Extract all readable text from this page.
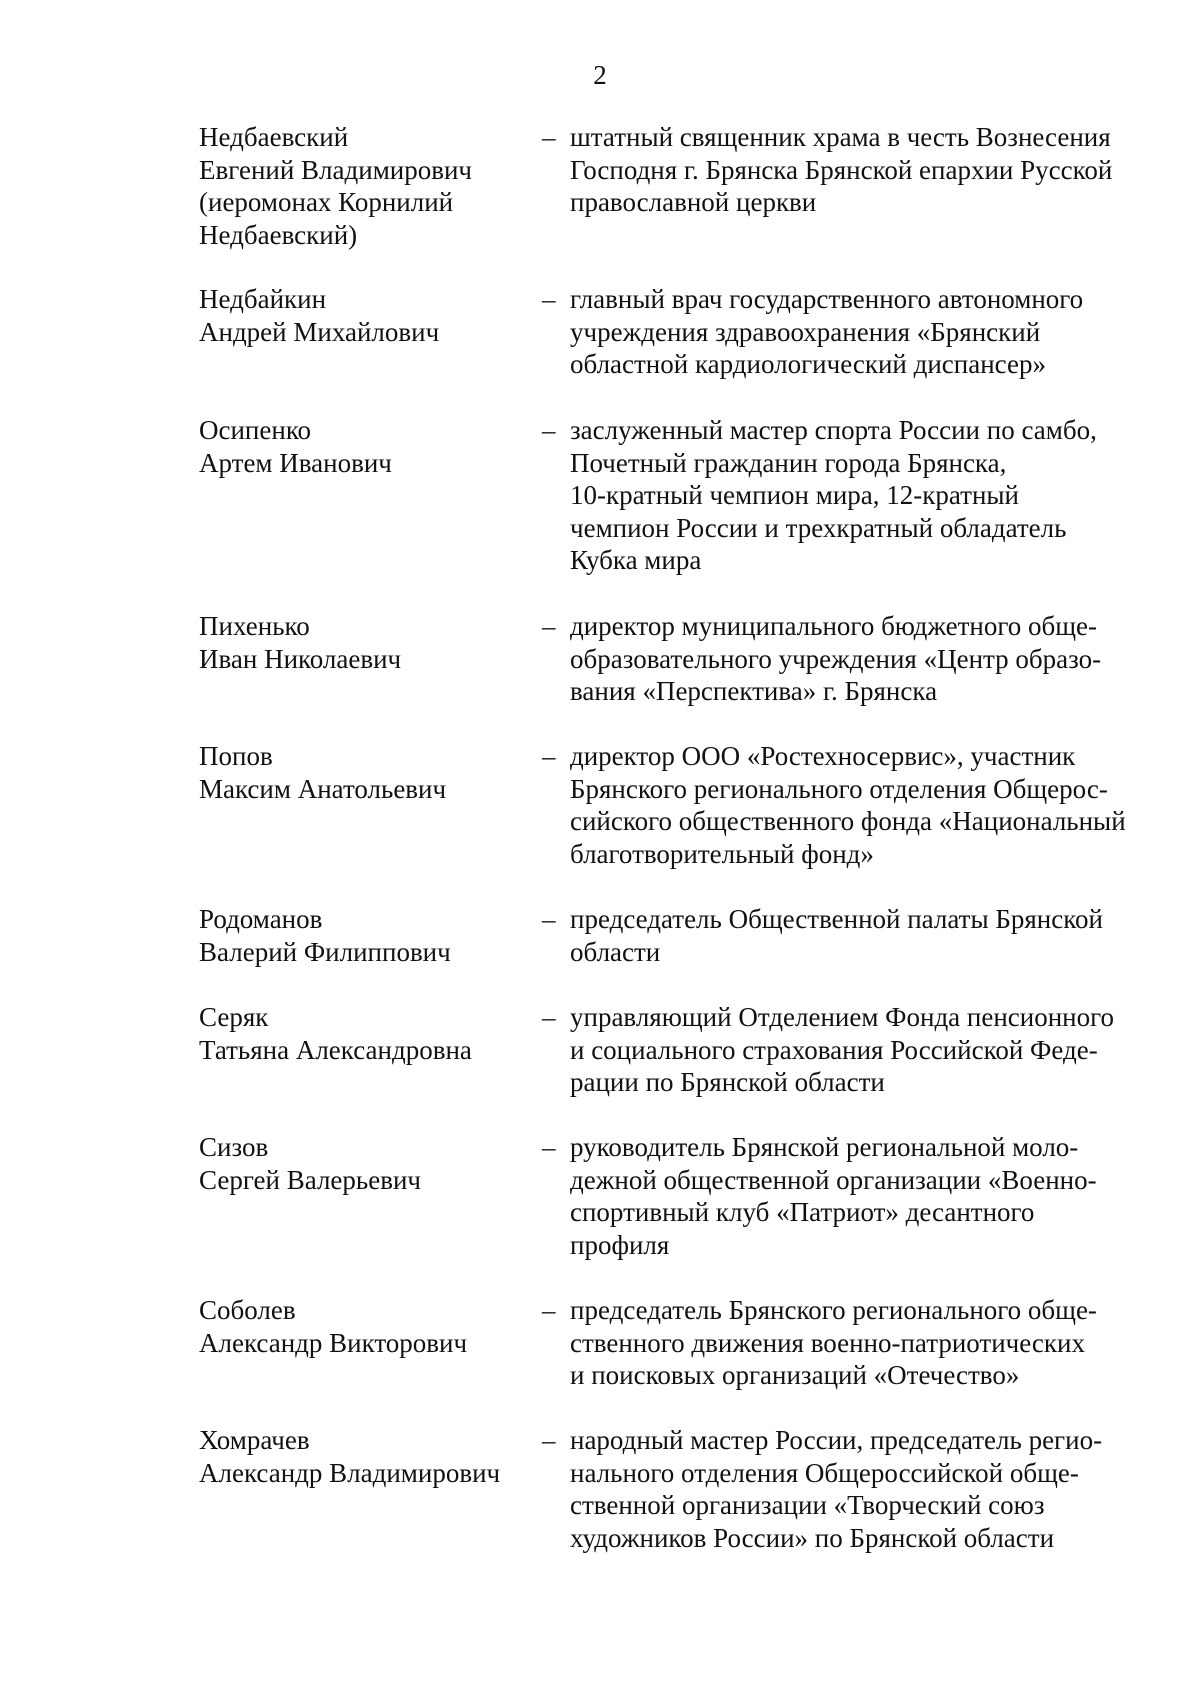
2
Недбаевский
Евгений Владимирович
(иеромонах Корнилий
Недбаевский)
– штатный священник храма в честь Вознесения
Господня г. Брянска Брянской епархии Русской
православной церкви
Недбайкин
Андрей Михайлович
– главный врач государственного автономного
учреждения здравоохранения «Брянский
областной кардиологический диспансер»
Осипенко
Артем Иванович
– заслуженный мастер спорта России по самбо,
Почетный гражданин города Брянска,
10-кратный чемпион мира, 12-кратный
чемпион России и трехкратный обладатель
Кубка мира
Пихенько
Иван Николаевич
– директор муниципального бюджетного обще-
образовательного учреждения «Центр образо-
вания «Перспектива» г. Брянска
Попов
Максим Анатольевич
– директор ООО «Ростехносервис», участник
Брянского регионального отделения Общерос-
сийского общественного фонда «Национальный
благотворительный фонд»
Родоманов
Валерий Филиппович
– председатель Общественной палаты Брянской
области
Серяк
Татьяна Александровна
– управляющий Отделением Фонда пенсионного
и социального страхования Российской Феде-
рации по Брянской области
Сизов
Сергей Валерьевич
– руководитель Брянской региональной моло-
дежной общественной организации «Военно-
спортивный клуб «Патриот» десантного
профиля
Соболев
Александр Викторович
– председатель Брянского регионального обще-
ственного движения военно-патриотических
и поисковых организаций «Отечество»
Хомрачев
Александр Владимирович
– народный мастер России, председатель регио-
нального отделения Общероссийской обще-
ственной организации «Творческий союз
художников России» по Брянской области
